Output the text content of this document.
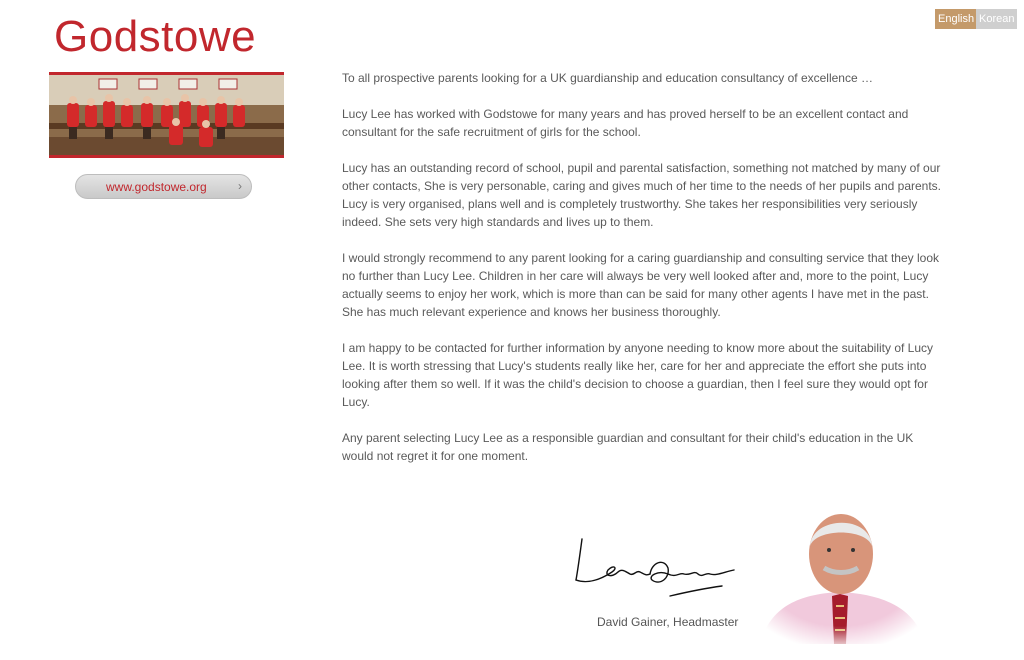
English Korean
Godstowe
www.godstowe.org	›

To all prospective parents looking for a UK guardianship and education consultancy of excellence …

Lucy Lee has worked with Godstowe for many years and has proved herself to be an excellent contact and consultant for the safe recruitment of girls for the school.

Lucy has an outstanding record of school, pupil and parental satisfaction, something not matched by many of our other contacts, She is very personable, caring and gives much of her time to the needs of her pupils and parents. Lucy is very organised, plans well and is completely trustworthy. She takes her responsibilities very seriously indeed. She sets very high standards and lives up to them.

I would strongly recommend to any parent looking for a caring guardianship and consulting service that they look no further than Lucy Lee. Children in her care will always be very well looked after and, more to the point, Lucy actually seems to enjoy her work, which is more than can be said for many other agents I have met in the past. She has much relevant experience and knows her business thoroughly.

I am happy to be contacted for further information by anyone needing to know more about the suitability of Lucy Lee. It is worth stressing that Lucy's students really like her, care for her and appreciate the effort she puts into looking after them so well. If it was the child's decision to choose a guardian, then I feel sure they would opt for Lucy.

Any parent selecting Lucy Lee as a responsible guardian and consultant for their child's education in the UK would not regret it for one moment.

David Gainer, Headmaster
